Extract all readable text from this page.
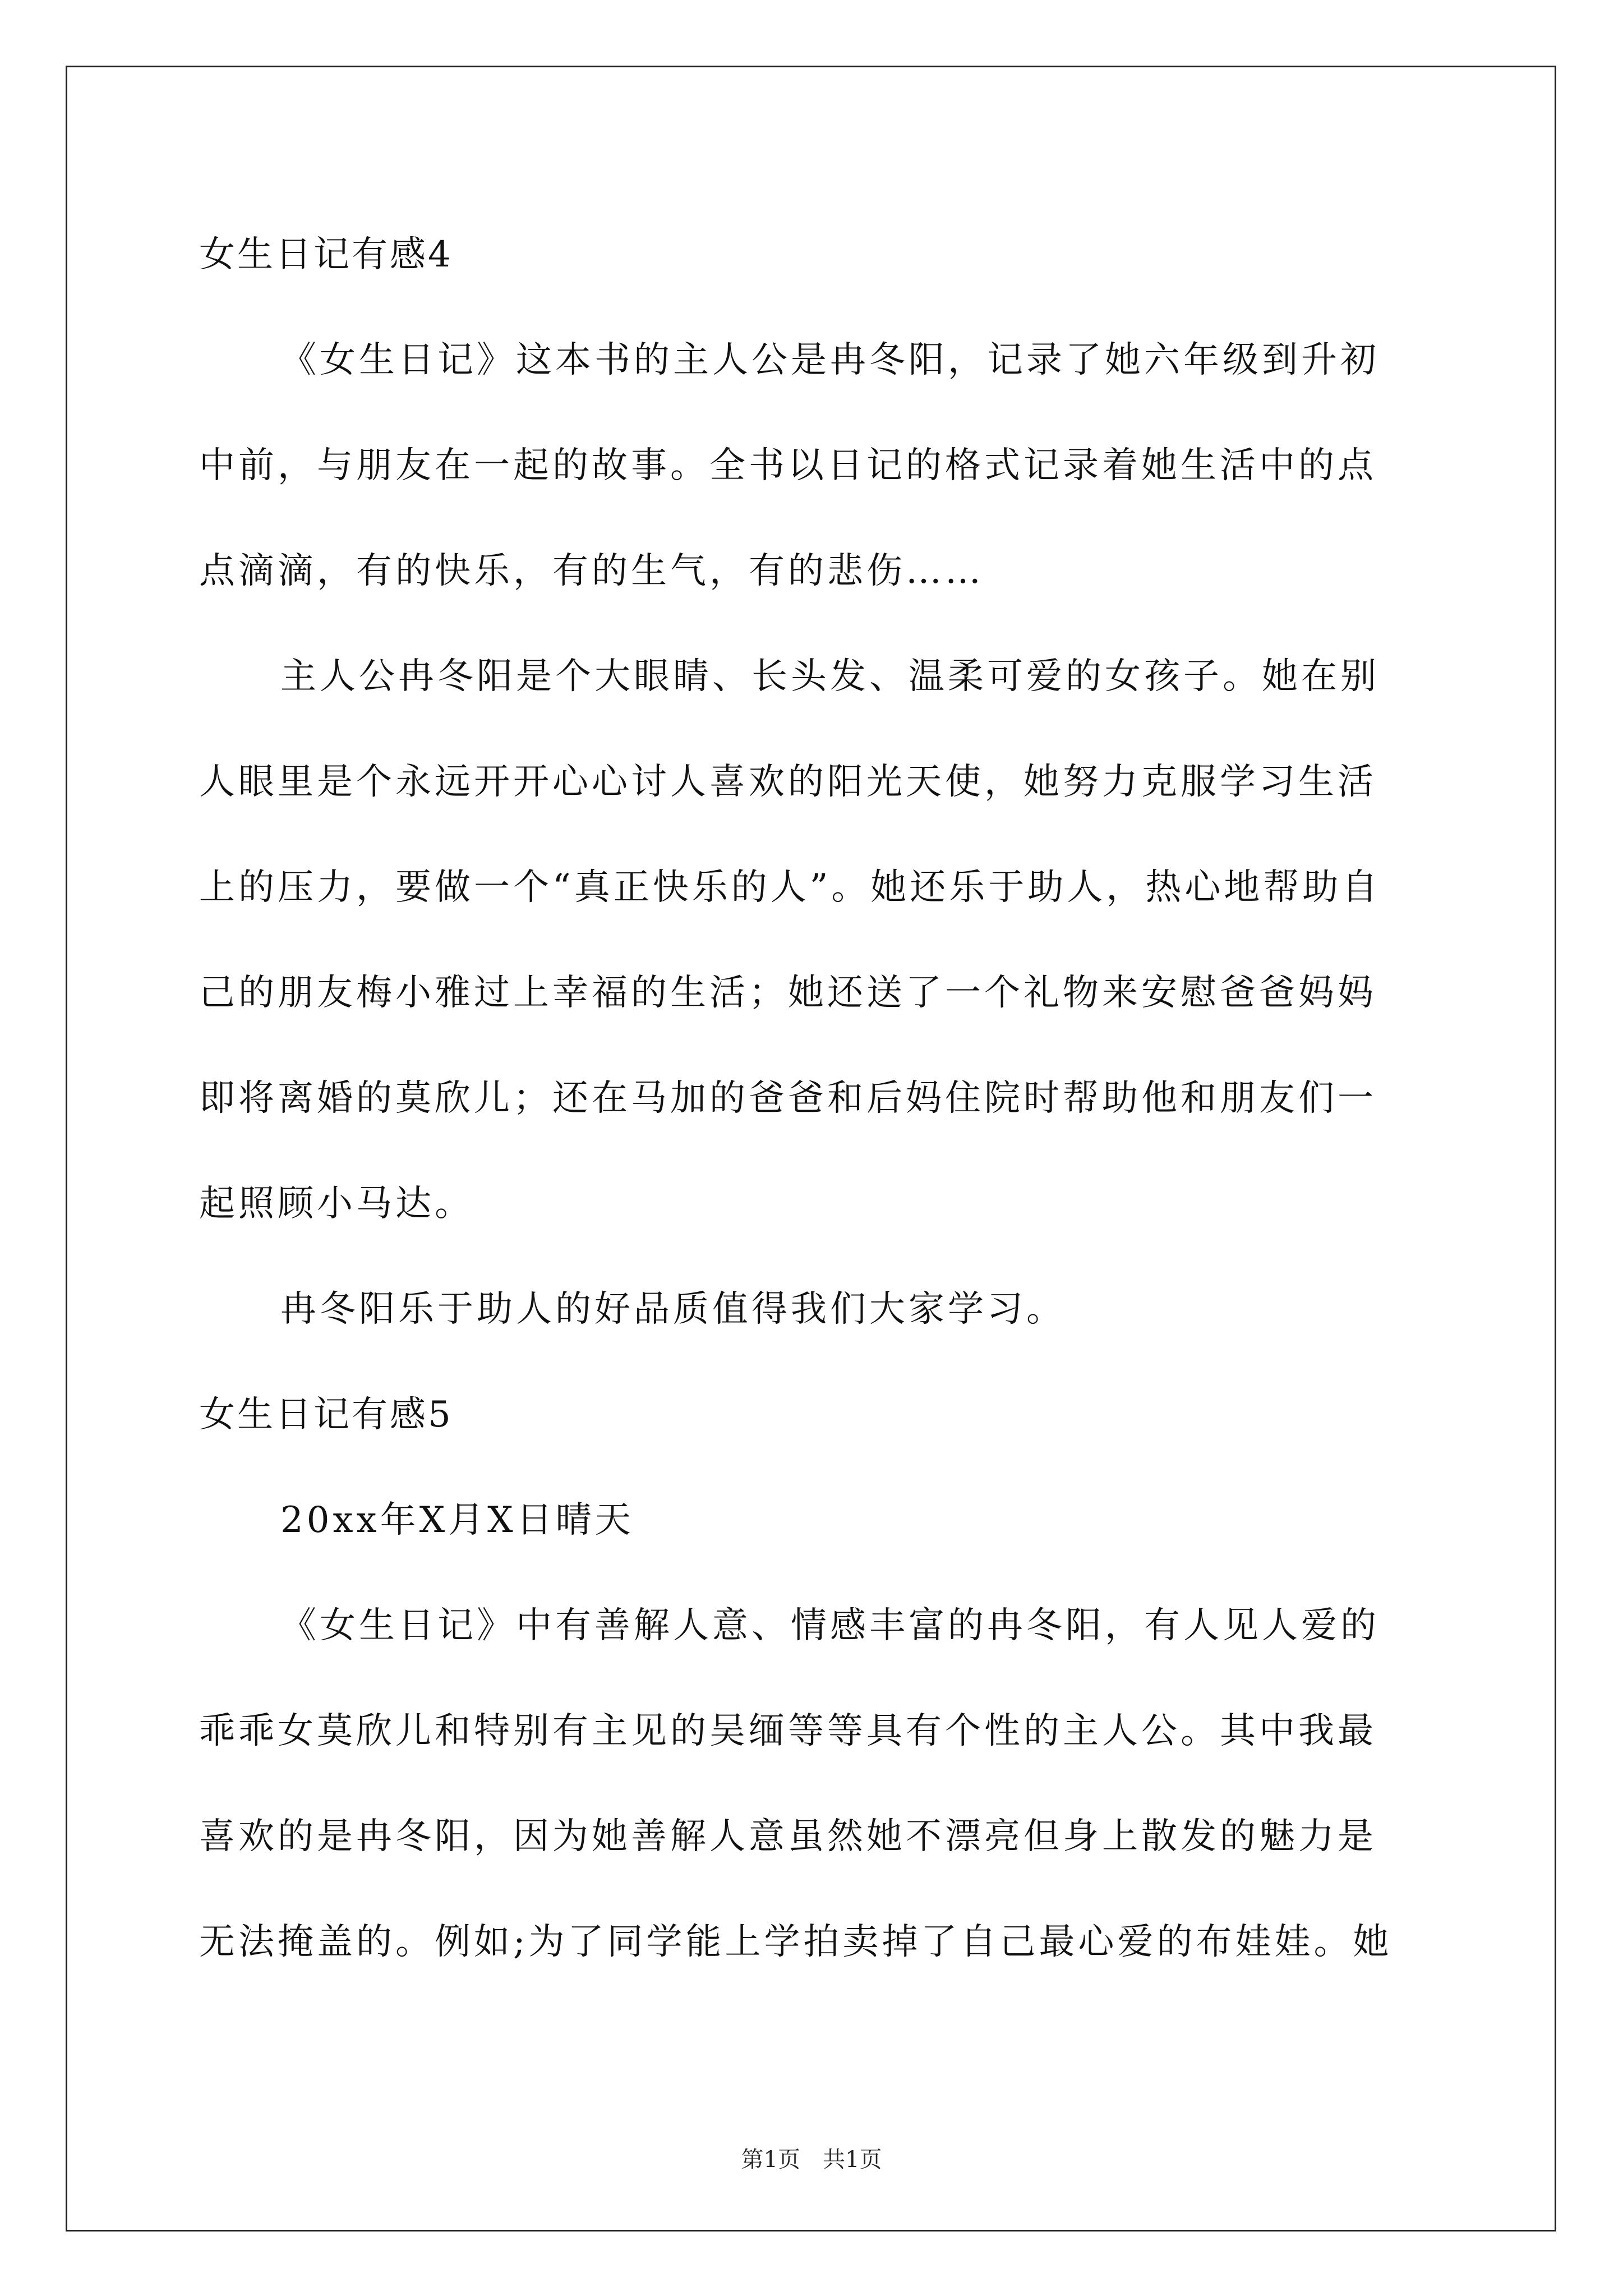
女生日记有感4
《女生日记》这本书的主人公是冉冬阳，记录了她六年级到升初
中前，与朋友在一起的故事。全书以日记的格式记录着她生活中的点
点滴滴，有的快乐，有的生气，有的悲伤……
主人公冉冬阳是个大眼睛、长头发、温柔可爱的女孩子。她在别
人眼里是个永远开开心心讨人喜欢的阳光天使，她努力克服学习生活
上的压力，要做一个“真正快乐的人”。她还乐于助人，热心地帮助自
己的朋友梅小雅过上幸福的生活；她还送了一个礼物来安慰爸爸妈妈
即将离婚的莫欣儿；还在马加的爸爸和后妈住院时帮助他和朋友们一
起照顾小马达。
冉冬阳乐于助人的好品质值得我们大家学习。
女生日记有感5
20xx年X月X日晴天
《女生日记》中有善解人意、情感丰富的冉冬阳，有人见人爱的
乖乖女莫欣儿和特别有主见的吴缅等等具有个性的主人公。其中我最
喜欢的是冉冬阳，因为她善解人意虽然她不漂亮但身上散发的魅力是
无法掩盖的。例如;为了同学能上学拍卖掉了自己最心爱的布娃娃。她
第1页 共1页
